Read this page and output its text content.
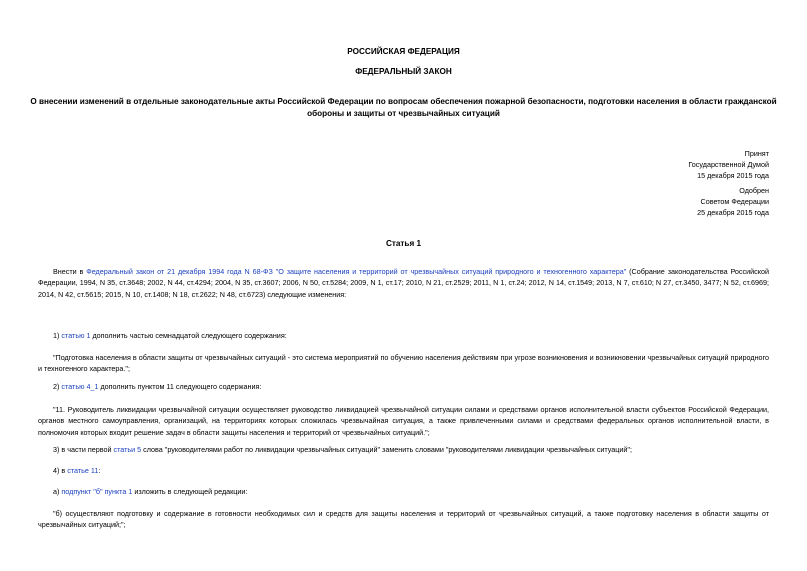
РОССИЙСКАЯ ФЕДЕРАЦИЯ
ФЕДЕРАЛЬНЫЙ ЗАКОН
О внесении изменений в отдельные законодательные акты Российской Федерации по вопросам обеспечения пожарной безопасности, подготовки населения в области гражданской обороны и защиты от чрезвычайных ситуаций
Принят
Государственной Думой
15 декабря 2015 года
Одобрен
Советом Федерации
25 декабря 2015 года
Статья 1

Внести в Федеральный закон от 21 декабря 1994 года N 68-ФЗ "О защите населения и территорий от чрезвычайных ситуаций природного и техногенного характера" (Собрание законодательства Российской Федерации, 1994, N 35, ст.3648; 2002, N 44, ст.4294; 2004, N 35, ст.3607; 2006, N 50, ст.5284; 2009, N 1, ст.17; 2010, N 21, ст.2529; 2011, N 1, ст.24; 2012, N 14, ст.1549; 2013, N 7, ст.610; N 27, ст.3450, 3477; N 52, ст.6969; 2014, N 42, ст.5615; 2015, N 10, ст.1408; N 18, ст.2622; N 48, ст.6723) следующие изменения:

1) статью 1 дополнить частью семнадцатой следующего содержания:

"Подготовка населения в области защиты от чрезвычайных ситуаций - это система мероприятий по обучению населения действиям при угрозе возникновения и возникновении чрезвычайных ситуаций природного и техногенного характера.";

2) статью 4_1 дополнить пунктом 11 следующего содержания:

"11. Руководитель ликвидации чрезвычайной ситуации осуществляет руководство ликвидацией чрезвычайной ситуации силами и средствами органов исполнительной власти субъектов Российской Федерации, органов местного самоуправления, организаций, на территориях которых сложилась чрезвычайная ситуация, а также привлеченными силами и средствами федеральных органов исполнительной власти, в полномочия которых входит решение задач в области защиты населения и территорий от чрезвычайных ситуаций.";

3) в части первой статьи 5 слова "руководителями работ по ликвидации чрезвычайных ситуаций" заменить словами "руководителями ликвидации чрезвычайных ситуаций";

4) в статье 11:

а) подпункт "б" пункта 1 изложить в следующей редакции:

"б) осуществляют подготовку и содержание в готовности необходимых сил и средств для защиты населения и территорий от чрезвычайных ситуаций, а также подготовку населения в области защиты от чрезвычайных ситуаций;";
